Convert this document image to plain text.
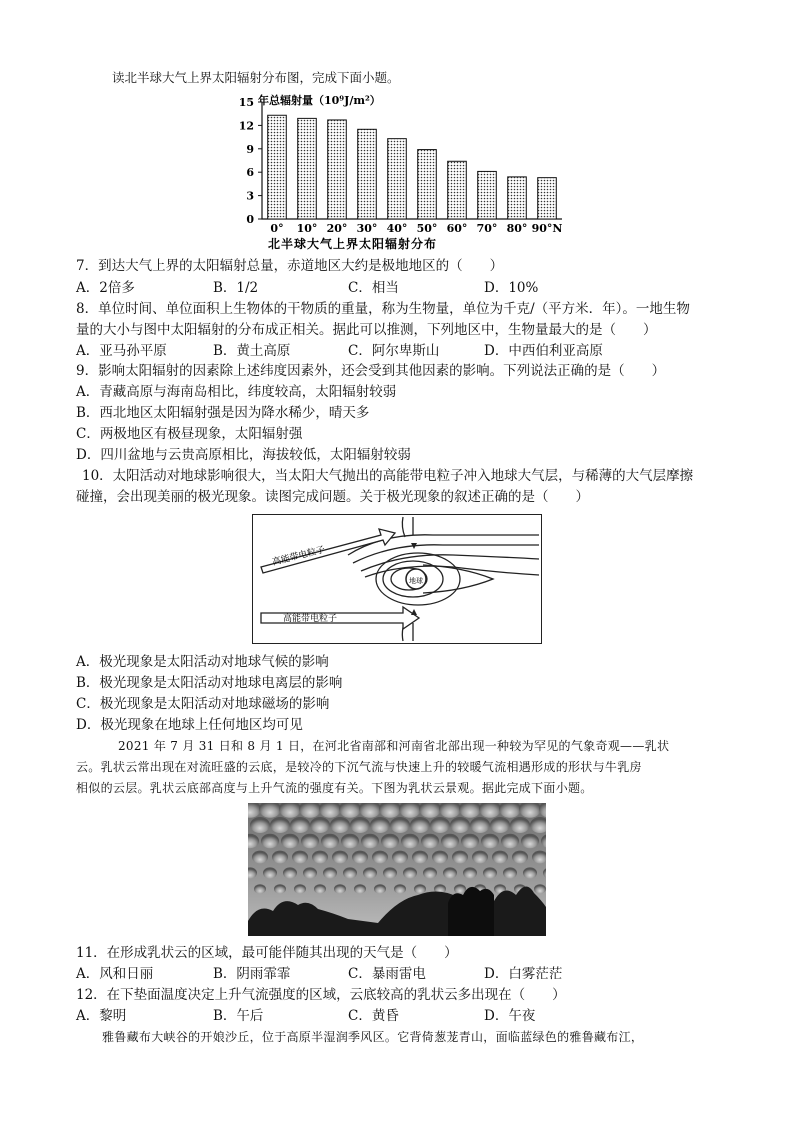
读北半球大气上界太阳辐射分布图，完成下面小题。
年总辐射量（10⁹J/m²）
0
3
6
9
12
15
0° 10° 20° 30° 40° 50° 60° 70° 80° 90°N
北半球大气上界太阳辐射分布
7．到达大气上界的太阳辐射总量，赤道地区大约是极地地区的（　　）
A．2倍多	B．1/2	C．相当	D．10%
8．单位时间、单位面积上生物体的干物质的重量，称为生物量，单位为千克/（平方米．年）。一地生物
量的大小与图中太阳辐射的分布成正相关。据此可以推测，下列地区中，生物量最大的是（　　）
A．亚马孙平原	B．黄土高原	C．阿尔卑斯山	D．中西伯利亚高原
9．影响太阳辐射的因素除上述纬度因素外，还会受到其他因素的影响。下列说法正确的是（　　）
A．青藏高原与海南岛相比，纬度较高，太阳辐射较弱
B．西北地区太阳辐射强是因为降水稀少，晴天多
C．两极地区有极昼现象，太阳辐射强
D．四川盆地与云贵高原相比，海拔较低，太阳辐射较弱
10．太阳活动对地球影响很大，当太阳大气抛出的高能带电粒子冲入地球大气层，与稀薄的大气层摩擦
碰撞，会出现美丽的极光现象。读图完成问题。关于极光现象的叙述正确的是（　　）
地球
高能带电粒子
高能带电粒子
A．极光现象是太阳活动对地球气候的影响
B．极光现象是太阳活动对地球电离层的影响
C．极光现象是太阳活动对地球磁场的影响
D．极光现象在地球上任何地区均可见
2021 年 7 月 31 日和 8 月 1 日，在河北省南部和河南省北部出现一种较为罕见的气象奇观——乳状
云。乳状云常出现在对流旺盛的云底，是较冷的下沉气流与快速上升的较暖气流相遇形成的形状与牛乳房
相似的云层。乳状云底部高度与上升气流的强度有关。下图为乳状云景观。据此完成下面小题。
11．在形成乳状云的区域，最可能伴随其出现的天气是（　　）
A．风和日丽	B．阴雨霏霏	C．暴雨雷电	D．白雾茫茫
12．在下垫面温度决定上升气流强度的区域，云底较高的乳状云多出现在（　　）
A．黎明	B．午后	C．黄昏	D．午夜
雅鲁藏布大峡谷的开娘沙丘，位于高原半湿润季风区。它背倚葱茏青山，面临蓝绿色的雅鲁藏布江，
